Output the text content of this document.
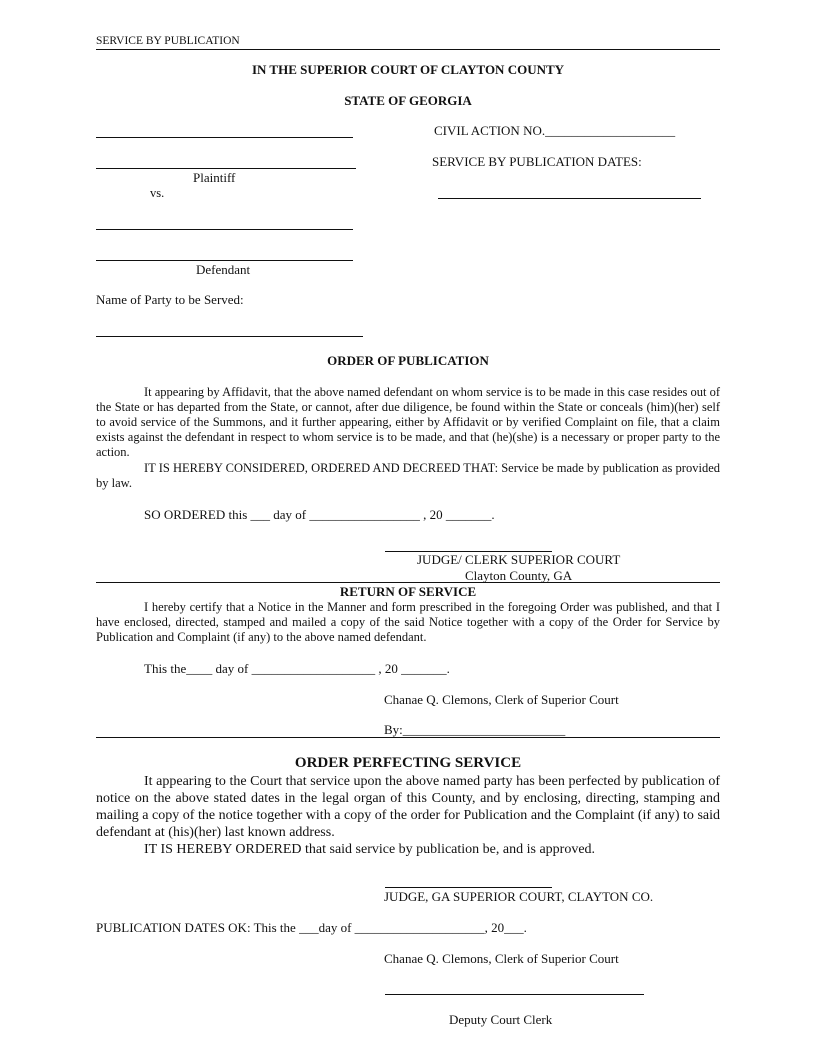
SERVICE BY PUBLICATION
IN THE SUPERIOR COURT OF CLAYTON COUNTY
STATE OF GEORGIA
CIVIL ACTION NO.____________________
SERVICE BY PUBLICATION DATES:
Plaintiff
vs.
Defendant
Name of Party to be Served:
ORDER OF PUBLICATION
It appearing by Affidavit, that the above named defendant on whom service is to be made in this case resides out of the State or has departed from the State, or cannot, after due diligence, be found within the State or conceals (him)(her) self to avoid service of the Summons, and it further appearing, either by Affidavit or by verified Complaint on file, that a claim exists against the defendant in respect to whom service is to be made, and that (he)(she) is a necessary or proper party to the action.
IT IS HEREBY CONSIDERED, ORDERED AND DECREED THAT: Service be made by publication as provided by law.
SO ORDERED this ___ day of _________________ , 20 _______.
JUDGE/ CLERK SUPERIOR COURT
Clayton County, GA
RETURN OF SERVICE
I hereby certify that a Notice in the Manner and form prescribed in the foregoing Order was published, and that I have enclosed, directed, stamped and mailed a copy of the said Notice together with a copy of the Order for Service by Publication and Complaint (if any) to the above named defendant.
This the____ day of ___________________ , 20 _______.
Chanae Q. Clemons, Clerk of Superior Court
By:_________________________
ORDER PERFECTING SERVICE
It appearing to the Court that service upon the above named party has been perfected by publication of notice on the above stated dates in the legal organ of this County, and by enclosing, directing, stamping and mailing a copy of the notice together with a copy of the order for Publication and the Complaint (if any) to said defendant at (his)(her) last known address.
IT IS HEREBY ORDERED that said service by publication be, and is approved.
JUDGE, GA SUPERIOR COURT, CLAYTON CO.
PUBLICATION DATES OK: This the ___day of ____________________, 20___.
Chanae Q. Clemons, Clerk of Superior Court
Deputy Court Clerk
